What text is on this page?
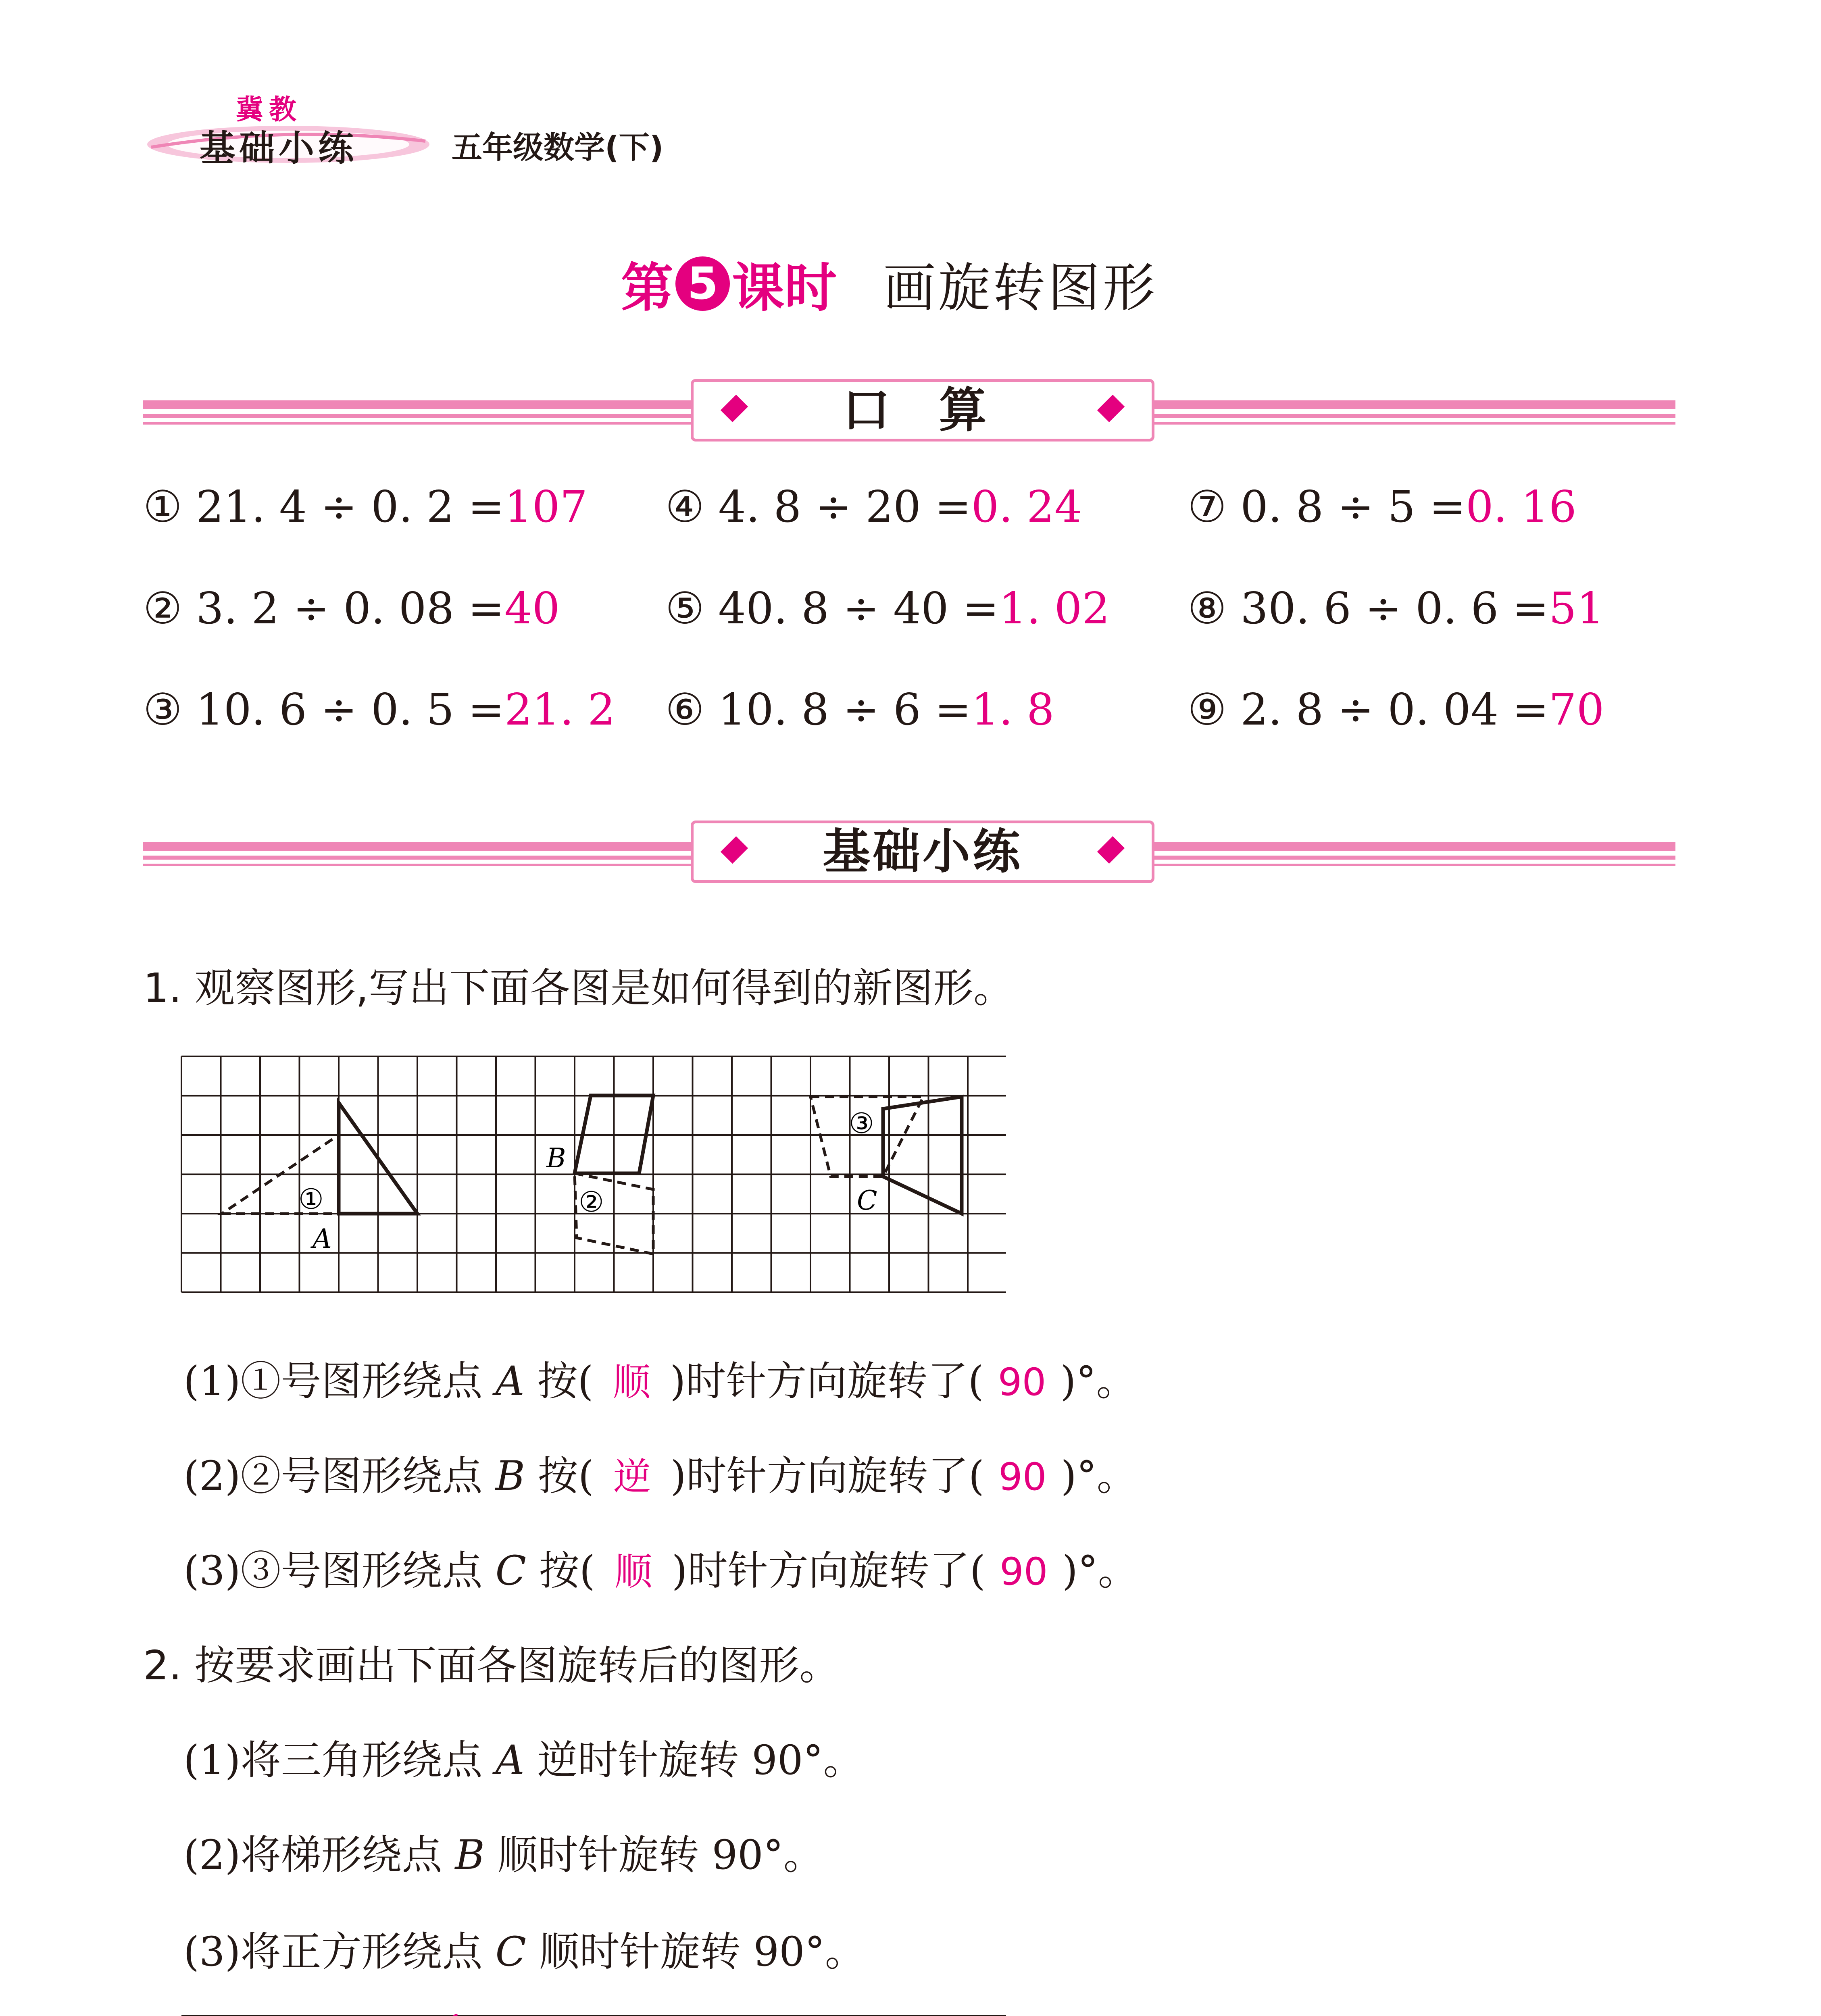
冀教
基础小练	五年级数学(下)
第 5 课时 画旋转图形
口 算
① 21. 4 ÷ 0. 2 =107
② 3. 2 ÷ 0. 08 =40
③ 10. 6 ÷ 0. 5 =21. 2
④ 4. 8 ÷ 20 =0. 24
⑤ 40. 8 ÷ 40 =1. 02
⑥ 10. 8 ÷ 6 =1. 8
⑦ 0. 8 ÷ 5 =0. 16
⑧ 30. 6 ÷ 0. 6 =51
⑨ 2. 8 ÷ 0. 04 =70
基础小练
1. 观察图形,写出下面各图是如何得到的新图形。
①
A
B
②
③
C
(1)①号图形绕点 A 按( 顺 )时针方向旋转了( 90 )°。
(2)②号图形绕点 B 按( 逆 )时针方向旋转了( 90 )°。
(3)③号图形绕点 C 按( 顺 )时针方向旋转了( 90 )°。
2. 按要求画出下面各图旋转后的图形。
(1)将三角形绕点 A 逆时针旋转 90°。
(2)将梯形绕点 B 顺时针旋转 90°。
(3)将正方形绕点 C 顺时针旋转 90°。
